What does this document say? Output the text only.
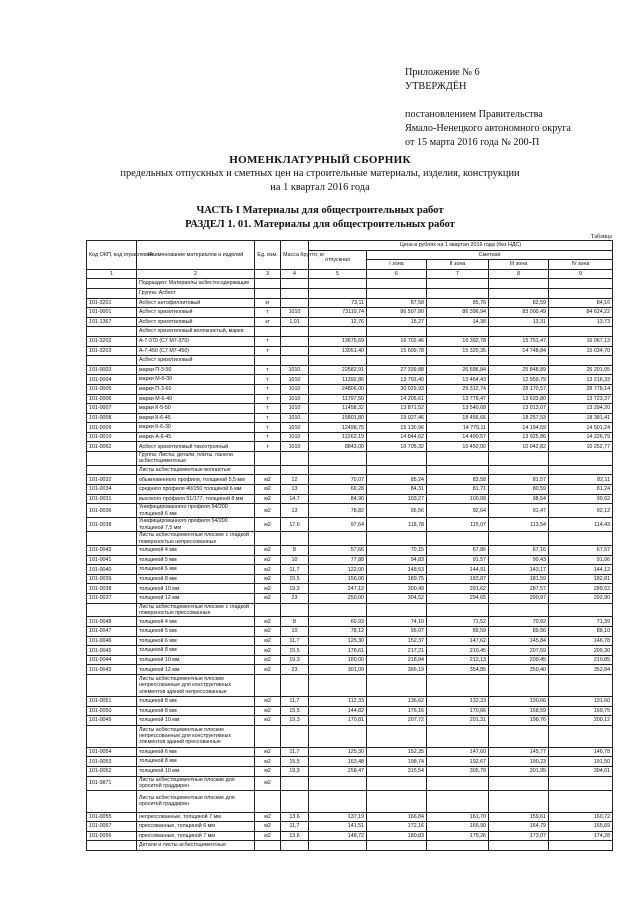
Приложение № 6
УТВЕРЖДЁН
постановлением Правительства
Ямало-Ненецкого автономного округа
от 15 марта 2016 года № 200-П
НОМЕНКЛАТУРНЫЙ СБОРНИК
предельных отпускных и сметных цен на строительные материалы, изделия, конструкции
на 1 квартал 2016 года
ЧАСТЬ I Материалы для общестроительных работ
РАЗДЕЛ 1. 01. Материалы для общестроительных работ
Таблица
Код ОКП, код отраслевой	Наименование материалов и изделий	Ед. изм.	Масса брутто, кг	Цена в рублях на 1 квартал 2016 года (без НДС)				
				отпускная	Сметная			
					I зона	II зона	III зона	IV зона
1	2	3	4	5	6	7	8	9
	Подраздел: Материалы асбестосодержащие							
	Группа: Асбест							
101-3201	Асбест антофиллитовый	кг		73,11	87,58	85,76	82,59	84,16
101-0001	Асбест хризотиловый	т	1010	73110,74	86 507,80	86 396,94	83 000,49	84 624,22
101-1367	Асбест хризотиловый	кг	1,01	12,76	15,27	14,38	13,31	13,73
	Асбест хризотиловый волокнистый, марки:							
101-3202	А-7-370 (С7 М7-370)	т		13675,69	16 702,46	16 392,78	15 751,47	16 067,13
101-3203	А-7-450 (С7 М7-450)	т		13051,40	15 609,78	15 320,35	14 748,84	15 034,70
	Асбест хризотиловый							
101-0003	марки П-3-50	т	1010	22582,91	27 339,88	26 696,84	25 848,89	26 201,05
101-0004	марки М-6-30	т	1010	11392,86	13 793,40	13 464,43	12 959,79	13 216,33
101-0005	марки П-3-60	т	1010	24806,00	30 029,93	29 312,74	28 170,57	28 778,14
101-0006	марки М-6-40	т	1010	11797,50	14 205,61	13 779,47	13 633,80	13 723,37
101-0007	марки К-5-50	т	1010	11458,32	13 871,52	13 540,68	13 013,07	13 294,20
101-0008	марки К-6-45	т	1010	15801,80	19 027,46	18 456,66	18 257,53	18 381,41
101-0009	марки К-6-30	т	1010	12498,75	15 130,96	14 770,11	14 194,59	14 501,24
101-0010	марки А-6-45	т	1010	12262,19	14 844,62	14 490,57	13 925,86	14 226,79
101-0062	Асбест хризотиловый тиксотропный	т	1010	8843,00	10 705,32	10 450,00	10 042,82	10 252,77
	Группа: Листы, детали, плиты, панели асбестоцементные							
	Листы асбестоцементные волнистые							
101-0032	обыкновенного профиля, толщиной 5,5 мм	м2	12	70,07	85,24	83,58	81,57	82,11
101-0034	среднего профиля 40/150 толщиной 6 мм	м2	13	69,28	84,31	81,71	80,59	81,24
101-0031	высокого профиля 51/177, толщиной 8 мм	м2	14,7	84,90	103,27	100,08	98,54	99,62
101-0036	Унифицированного профиля 54/200 толщиной 6 мм	м2	13	78,82	95,56	92,64	91,47	92,12
101-0038	Унифицированного профиля 54/200 толщиной 7,5 мм	м2	17,6	97,64	118,78	115,07	113,54	114,43
	Листы асбестоцементные плоские с гладкой поверхностью непрессованные							
101-0043	толщиной 4 мм	м2	8	57,66	70,15	67,86	67,16	67,57
101-0041	толщиной 5 мм	м2	10	77,88	94,83	91,57	90,43	91,06
101-0040	толщиной 6 мм	м2	11,7	122,00	148,53	144,91	143,17	144,12
101-0039	толщиной 8 мм	м2	15,5	156,00	189,75	183,87	181,59	182,81
101-0038	толщиной 10 мм	м2	19,3	247,12	300,49	291,62	287,57	289,52
101-0037	толщиной 12 мм	м2	23	250,00	304,52	294,65	290,97	292,90
	Листы асбестоцементные плоские с гладкой поверхностью прессованные							
101-0048	толщиной 4 мм	м2	8	60,93	74,10	71,52	70,92	71,39
101-0047	толщиной 5 мм	м2	10	78,12	95,07	89,59	89,56	88,10
101-0046	толщиной 6 мм	м2	11,7	125,30	152,37	147,62	145,84	146,78
101-0045	толщиной 8 мм	м2	15,5	178,61	217,21	210,45	207,59	209,30
101-0044	толщиной 10 мм	м2	19,3	180,00	218,84	212,13	209,45	210,85
101-0043	толщиной 12 мм	м2	23	301,09	366,19	354,85	350,40	352,84
	Листы асбестоцементные плоские непрессованные для конструктивных элементов зданий непрессованные							
101-0051	толщиной 8 мм	м2	11,7	112,33	136,62	132,33	130,66	131,60
101-0050	толщиной 8 мм	м2	15,5	144,82	176,16	170,66	168,59	169,75
101-0049	толщиной 10 мм	м2	19,3	170,81	207,72	201,31	198,76	200,12
	Листы асбестоцементные плоские непрессованные для конструктивных элементов зданий прессованные							
101-0054	толщиной 6 мм	м2	11,7	125,30	152,35	147,60	145,77	146,78
101-0053	толщиной 8 мм	м2	15,5	163,48	198,74	192,67	190,23	191,50
101-0052	толщиной 10 мм	м2	19,3	258,47	315,54	305,79	301,95	304,01
101-9871	Листы асбестоцементные плоские для ороситей граддирен	м2						
	Листы асбестоцементные плоские для ороситей граддирен							
101-0055	непрессованные, толщиной 7 мм	м2	13,6	137,19	166,84	161,70	159,61	160,72
101-0057	прессованные, толщиной 6 мм	м2	11,7	141,51	172,16	166,90	164,79	165,69
101-0056	прессованные, толщиной 7 мм	м2	13,6	148,72	180,83	175,26	173,07	174,28
	Детали и листы асбестоцементные							
